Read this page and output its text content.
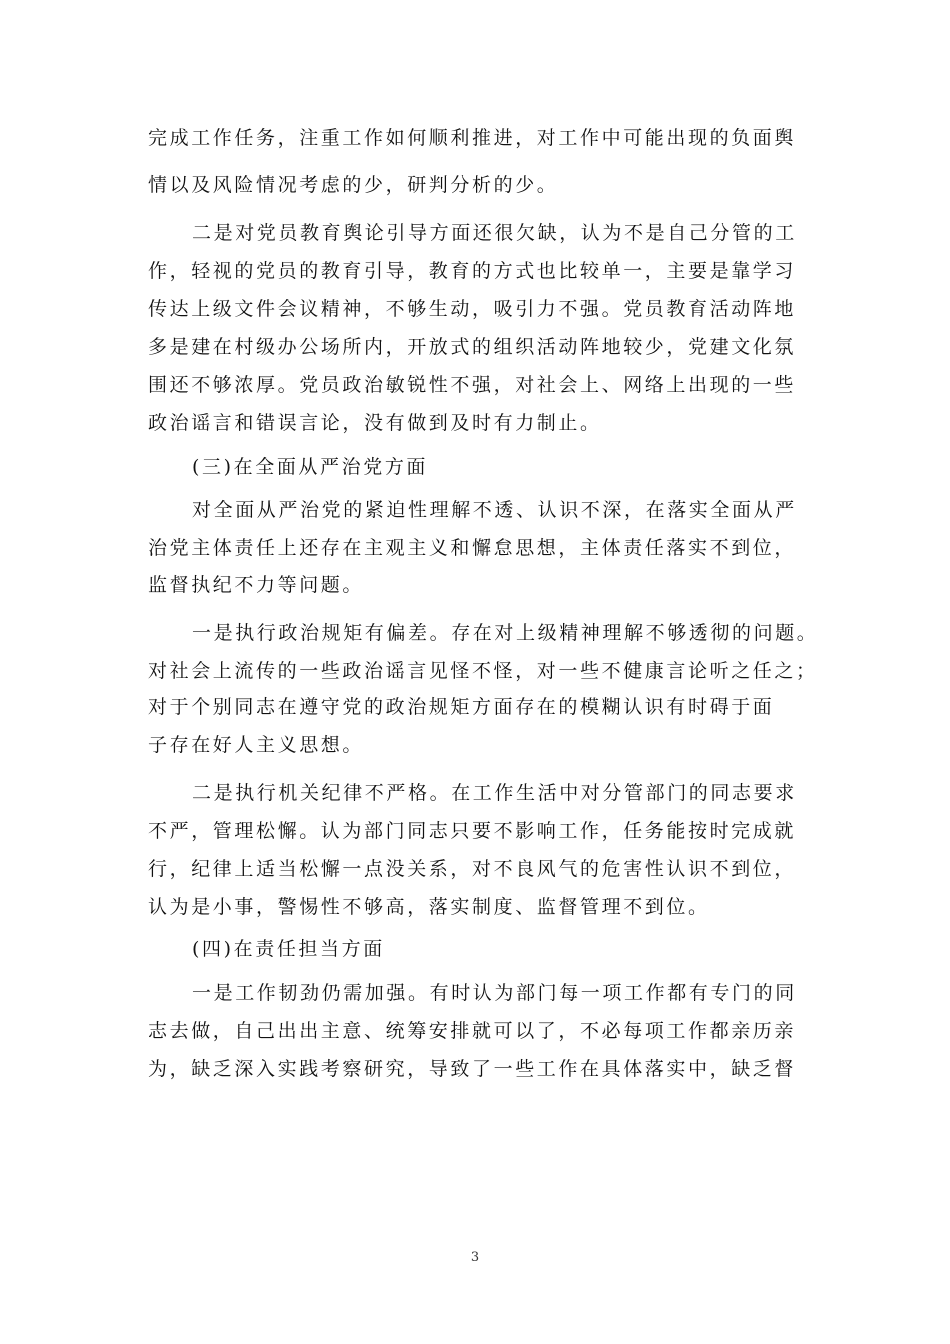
完成工作任务，注重工作如何顺利推进，对工作中可能出现的负面舆
情以及风险情况考虑的少，研判分析的少。
二是对党员教育舆论引导方面还很欠缺，认为不是自己分管的工
作，轻视的党员的教育引导，教育的方式也比较单一，主要是靠学习
传达上级文件会议精神，不够生动，吸引力不强。党员教育活动阵地
多是建在村级办公场所内，开放式的组织活动阵地较少，党建文化氛
围还不够浓厚。党员政治敏锐性不强，对社会上、网络上出现的一些
政治谣言和错误言论，没有做到及时有力制止。
(三)在全面从严治党方面
对全面从严治党的紧迫性理解不透、认识不深，在落实全面从严
治党主体责任上还存在主观主义和懈怠思想，主体责任落实不到位，
监督执纪不力等问题。
一是执行政治规矩有偏差。存在对上级精神理解不够透彻的问题。
对社会上流传的一些政治谣言见怪不怪，对一些不健康言论听之任之；
对于个别同志在遵守党的政治规矩方面存在的模糊认识有时碍于面
子存在好人主义思想。
二是执行机关纪律不严格。在工作生活中对分管部门的同志要求
不严，管理松懈。认为部门同志只要不影响工作，任务能按时完成就
行，纪律上适当松懈一点没关系，对不良风气的危害性认识不到位，
认为是小事，警惕性不够高，落实制度、监督管理不到位。
(四)在责任担当方面
一是工作韧劲仍需加强。有时认为部门每一项工作都有专门的同
志去做，自己出出主意、统筹安排就可以了，不必每项工作都亲历亲
为，缺乏深入实践考察研究，导致了一些工作在具体落实中，缺乏督
3
